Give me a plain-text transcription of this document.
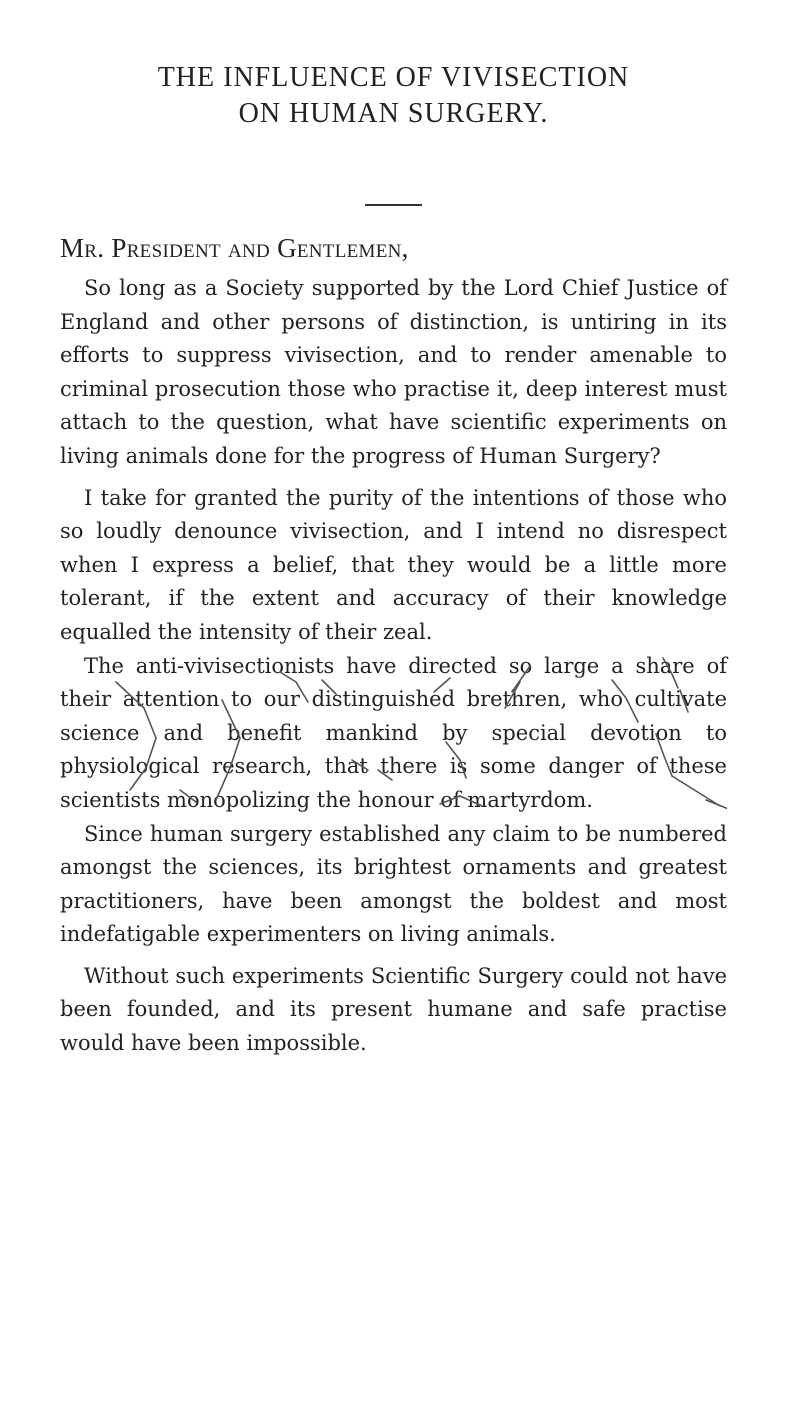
THE INFLUENCE OF VIVISECTION
ON HUMAN SURGERY.

Mr. President and Gentlemen,

So long as a Society supported by the Lord Chief Justice of England and other persons of distinction, is untiring in its efforts to suppress vivisection, and to render amenable to criminal prosecution those who practise it, deep interest must attach to the question, what have scientific experiments on living animals done for the progress of Human Surgery?

I take for granted the purity of the intentions of those who so loudly denounce vivisection, and I intend no disrespect when I express a belief, that they would be a little more tolerant, if the extent and accuracy of their knowledge equalled the intensity of their zeal.

The anti-vivisectionists have directed so large a share of their attention to our distinguished brethren, who cultivate science and benefit mankind by special devotion to physiological research, that there is some danger of these scientists monopolizing the honour of martyrdom.

Since human surgery established any claim to be numbered amongst the sciences, its brightest ornaments and greatest practitioners, have been amongst the boldest and most indefatigable experimenters on living animals.

Without such experiments Scientific Surgery could not have been founded, and its present humane and safe practise would have been impossible.
